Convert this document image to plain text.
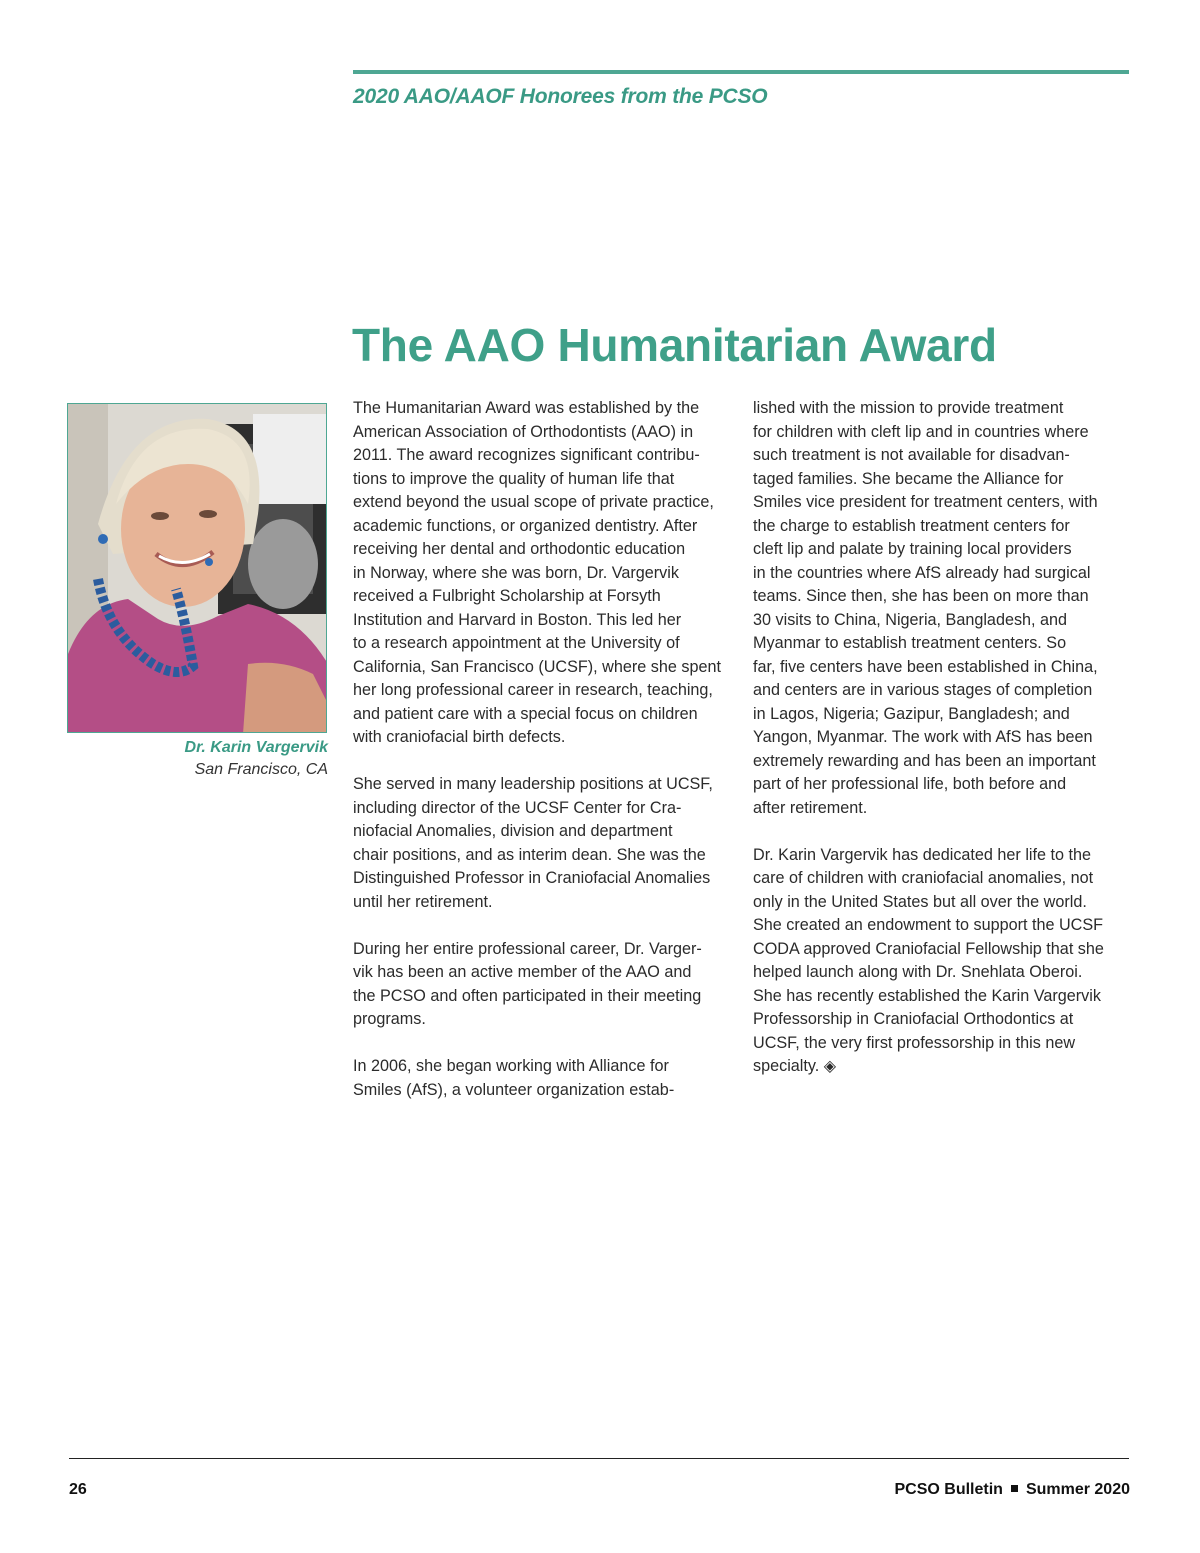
2020 AAO/AAOF Honorees from the PCSO
The AAO Humanitarian Award
Dr. Karin Vargervik
San Francisco, CA
The Humanitarian Award was established by the
American Association of Orthodontists (AAO) in
2011. The award recognizes significant contribu-
tions to improve the quality of human life that
extend beyond the usual scope of private practice,
academic functions, or organized dentistry. After
receiving her dental and orthodontic education
in Norway, where she was born, Dr. Vargervik
received a Fulbright Scholarship at Forsyth
Institution and Harvard in Boston. This led her
to a research appointment at the University of
California, San Francisco (UCSF), where she spent
her long professional career in research, teaching,
and patient care with a special focus on children
with craniofacial birth defects.
She served in many leadership positions at UCSF,
including director of the UCSF Center for Cra-
niofacial Anomalies, division and department
chair positions, and as interim dean. She was the
Distinguished Professor in Craniofacial Anomalies
until her retirement.
During her entire professional career, Dr. Varger-
vik has been an active member of the AAO and
the PCSO and often participated in their meeting
programs.
In 2006, she began working with Alliance for
Smiles (AfS), a volunteer organization estab-
lished with the mission to provide treatment
for children with cleft lip and in countries where
such treatment is not available for disadvan-
taged families. She became the Alliance for
Smiles vice president for treatment centers, with
the charge to establish treatment centers for
cleft lip and palate by training local providers
in the countries where AfS already had surgical
teams. Since then, she has been on more than
30 visits to China, Nigeria, Bangladesh, and
Myanmar to establish treatment centers. So
far, five centers have been established in China,
and centers are in various stages of completion
in Lagos, Nigeria; Gazipur, Bangladesh; and
Yangon, Myanmar. The work with AfS has been
extremely rewarding and has been an important
part of her professional life, both before and
after retirement.
Dr. Karin Vargervik has dedicated her life to the
care of children with craniofacial anomalies, not
only in the United States but all over the world.
She created an endowment to support the UCSF
CODA approved Craniofacial Fellowship that she
helped launch along with Dr. Snehlata Oberoi.
She has recently established the Karin Vargervik
Professorship in Craniofacial Orthodontics at
UCSF, the very first professorship in this new
specialty. ◈
26	PCSO Bulletin Summer 2020
